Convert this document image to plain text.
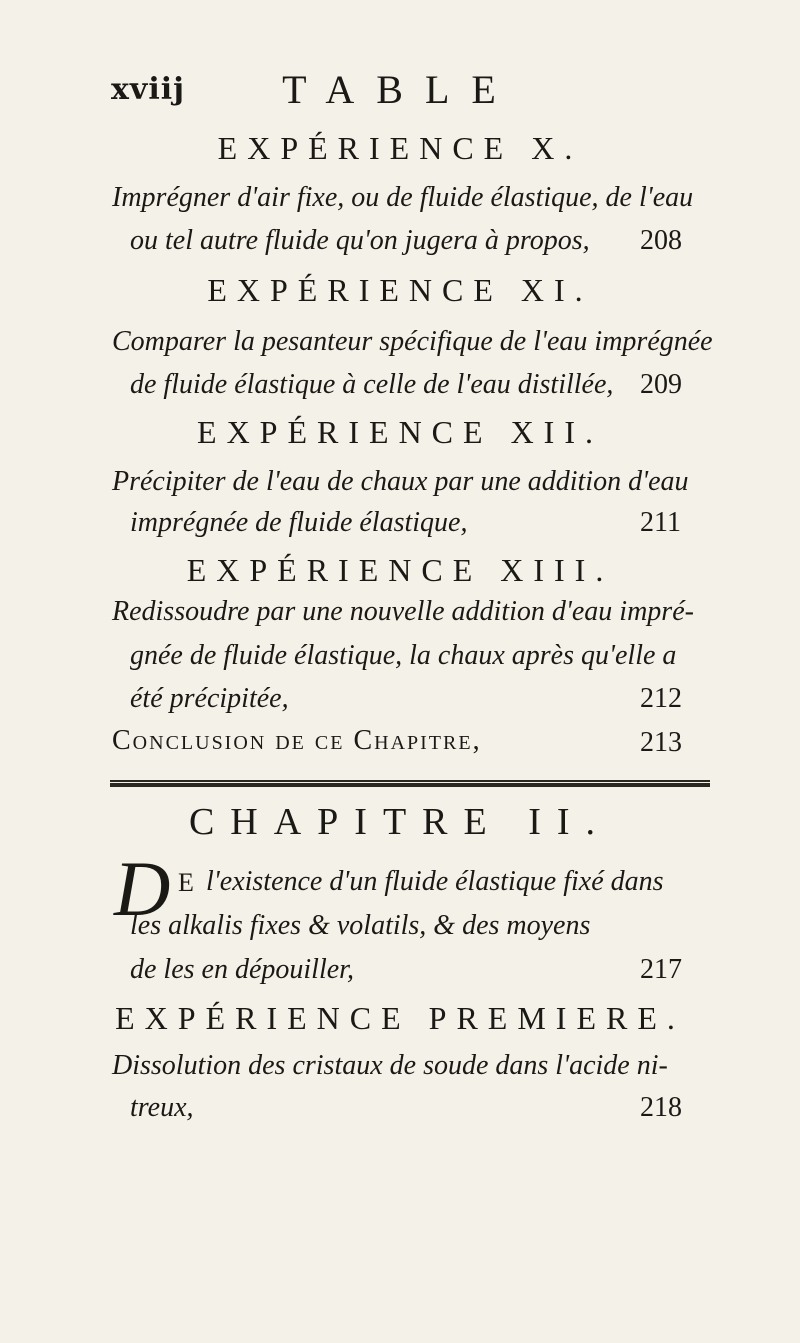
xviij	TABLE
EXPÉRIENCE X.
Imprégner d'air fixe, ou de fluide élastique, de l'eau
ou tel autre fluide qu'on jugera à propos, 208
EXPÉRIENCE XI.
Comparer la pesanteur spécifique de l'eau imprégnée
de fluide élastique à celle de l'eau distillée, 209
EXPÉRIENCE XII.
Précipiter de l'eau de chaux par une addition d'eau
imprégnée de fluide élastique,	211
EXPÉRIENCE XIII.
Redissoudre par une nouvelle addition d'eau impré-
gnée de fluide élastique, la chaux après qu'elle a
été précipitée,	212
Conclusion de ce Chapitre,	213
CHAPITRE II.
D E l'existence d'un fluide élastique fixé dans
les alkalis fixes & volatils, & des moyens
de les en dépouiller,	217
EXPÉRIENCE PREMIERE.
Dissolution des cristaux de soude dans l'acide ni-
treux,	218
